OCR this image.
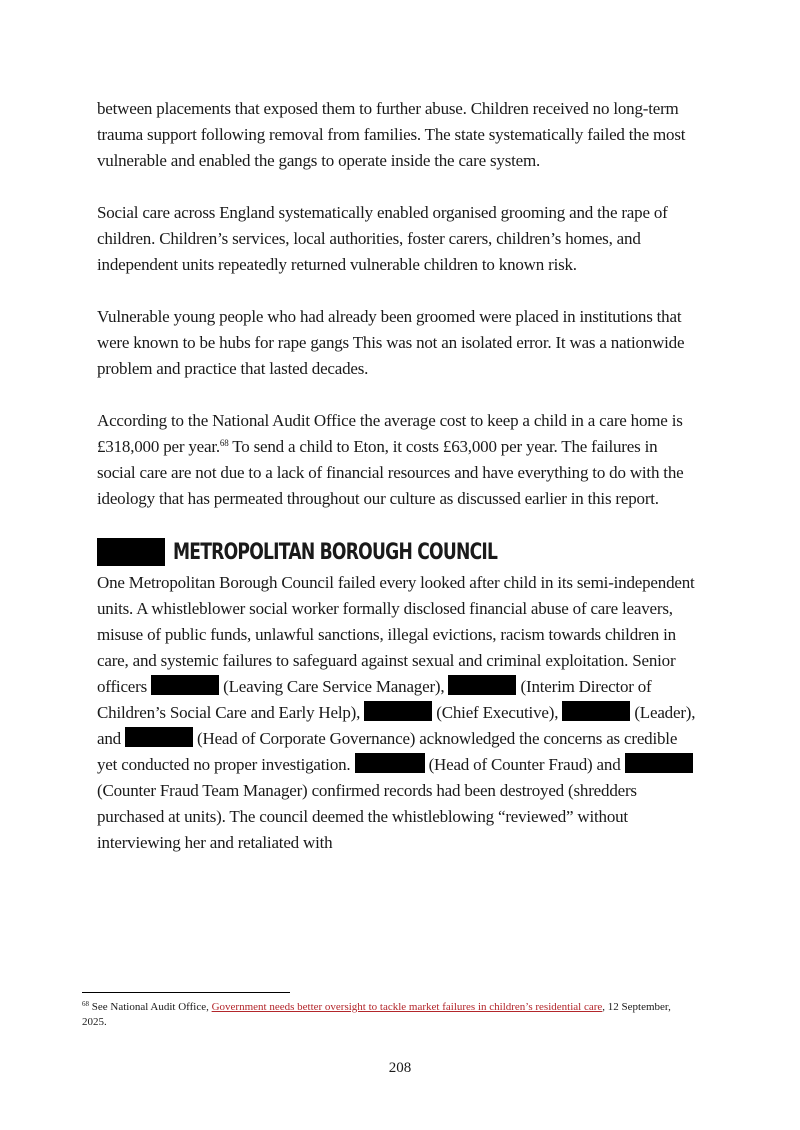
between placements that exposed them to further abuse. Children received no long-term trauma support following removal from families. The state systematically failed the most vulnerable and enabled the gangs to operate inside the care system.

Social care across England systematically enabled organised grooming and the rape of children. Children’s services, local authorities, foster carers, children’s homes, and independent units repeatedly returned vulnerable children to known risk.

Vulnerable young people who had already been groomed were placed in institutions that were known to be hubs for rape gangs This was not an isolated error. It was a nationwide problem and practice that lasted decades.

According to the National Audit Office the average cost to keep a child in a care home is £318,000 per year.$^{68}$ To send a child to Eton, it costs £63,000 per year. The failures in social care are not due to a lack of financial resources and have everything to do with the ideology that has permeated throughout our culture as discussed earlier in this report.

METROPOLITAN BOROUGH COUNCIL

One Metropolitan Borough Council failed every looked after child in its semi-independent units. A whistleblower social worker formally disclosed financial abuse of care leavers, misuse of public funds, unlawful sanctions, illegal evictions, racism towards children in care, and systemic failures to safeguard against sexual and criminal exploitation. Senior officers	(Leaving Care Service Manager),	(Interim Director of Children’s Social Care and Early Help),	(Chief Executive),	(Leader), and	(Head of Corporate Governance) acknowledged the concerns as credible yet conducted no proper investigation.	(Head of Counter Fraud) and  (Counter Fraud Team Manager) confirmed records had been destroyed (shredders purchased at units). The council deemed the whistleblowing “reviewed” without interviewing her and retaliated with

$^{68}$ See National Audit Office, Government needs better oversight to tackle market failures in children’s residential care, 12 September, 2025.
208
